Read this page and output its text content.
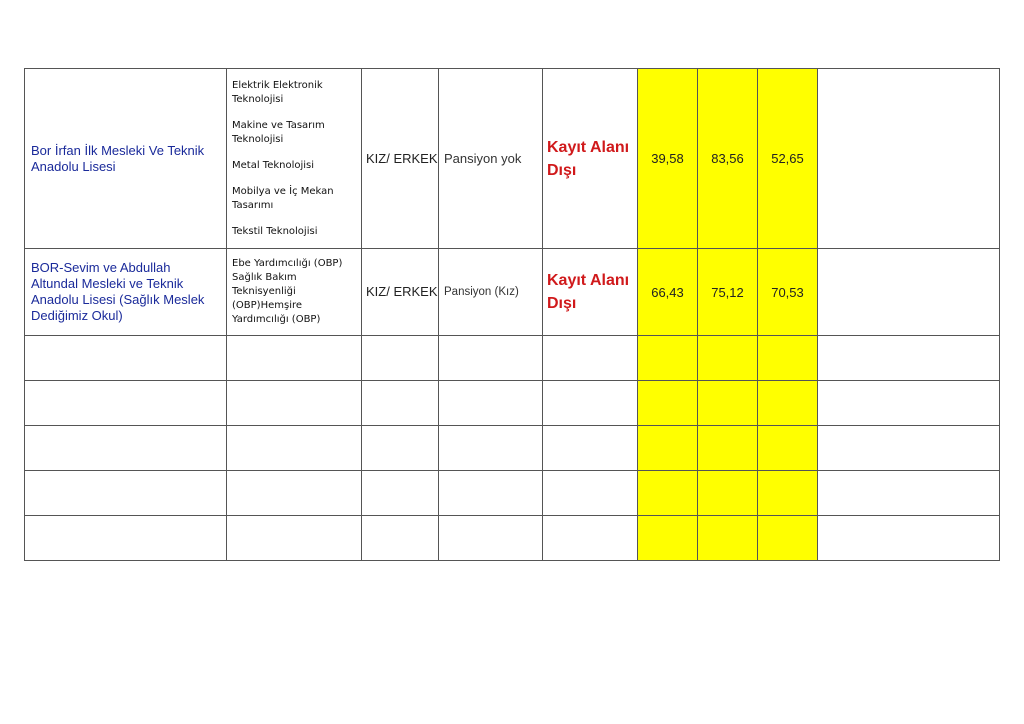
Bor İrfan İlk Mesleki Ve Teknik Anadolu Lisesi	Elektrik Elektronik Teknolojisi
Makine ve Tasarım Teknolojisi
Metal Teknolojisi
Mobilya ve İç Mekan Tasarımı
Tekstil Teknolojisi	KIZ/ ERKEK	Pansiyon yok	Kayıt Alanı Dışı	39,58	83,56	52,65	

BOR-Sevim ve Abdullah Altundal Mesleki ve Teknik Anadolu Lisesi (Sağlık Meslek Dediğimiz Okul)	Ebe Yardımcılığı (OBP)
Sağlık Bakım Teknisyenliği (OBP)Hemşire Yardımcılığı (OBP)	KIZ/ ERKEK	Pansiyon (Kız)	Kayıt Alanı Dışı	66,43	75,12	70,53	
